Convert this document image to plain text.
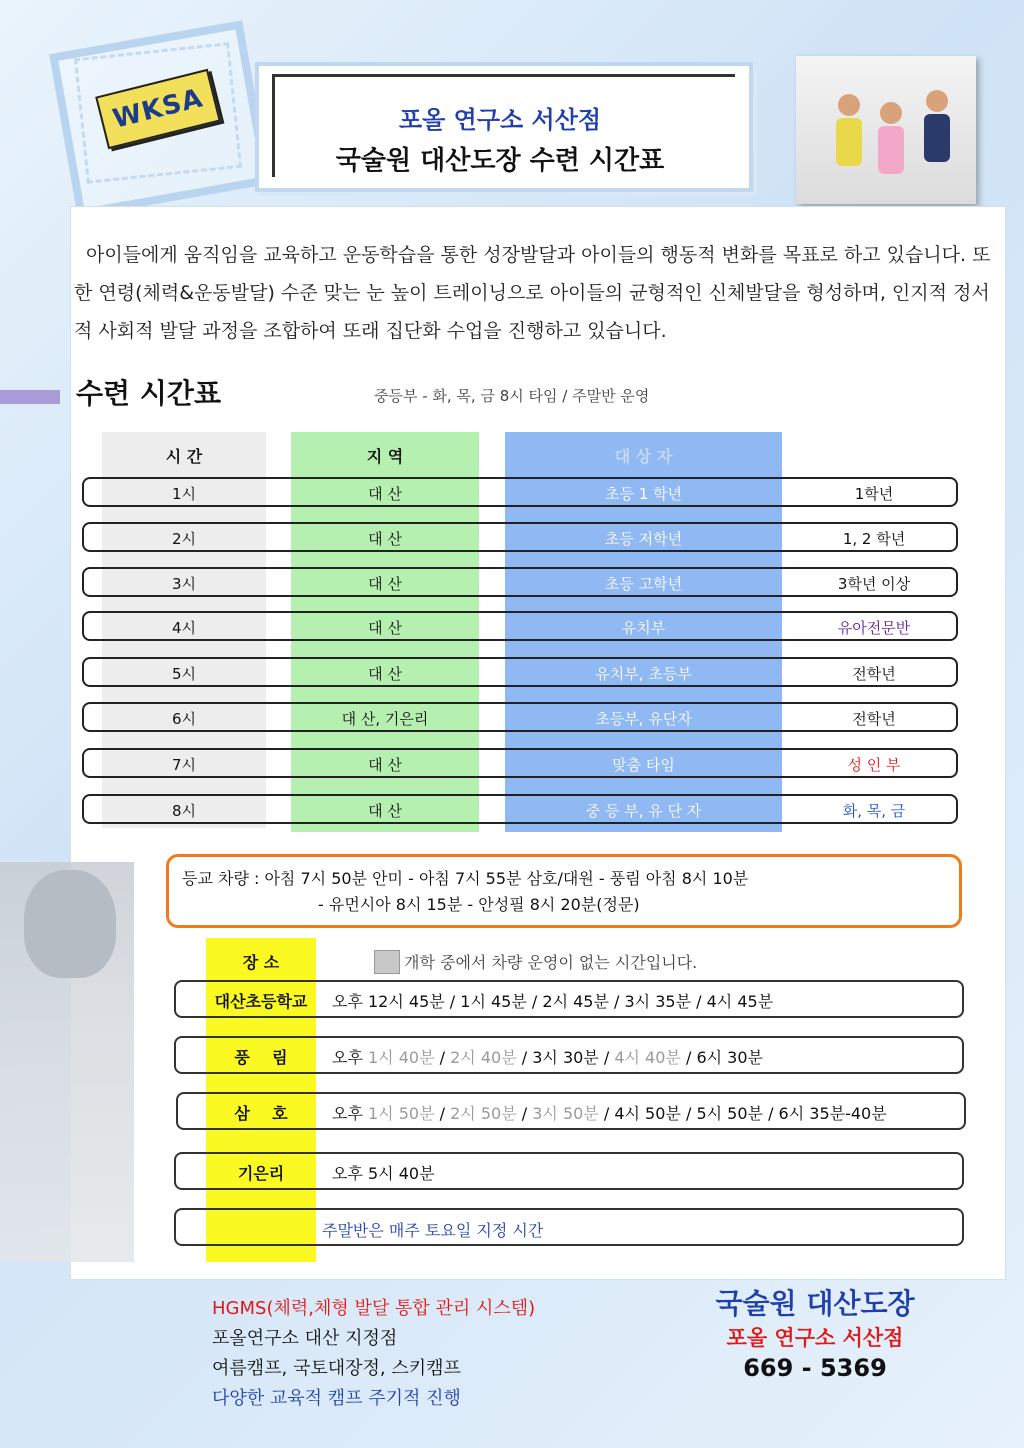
WKSA	포올 연구소 서산점
국술원 대산도장 수련 시간표
아이들에게 움직임을 교육하고 운동학습을 통한 성장발달과 아이들의 행동적 변화를 목표로 하고 있습니다. 또한 연령(체력&운동발달) 수준 맞는 눈 높이 트레이닝으로 아이들의 균형적인 신체발달을 형성하며, 인지적 정서적 사회적 발달 과정을 조합하여 또래 집단화 수업을 진행하고 있습니다.
수련 시간표	중등부 - 화, 목, 금 8시 타임 / 주말반 운영
시 간	지 역	대 상 자
1시	대 산	초등 1 학년	1학년
2시	대 산	초등 저학년	1, 2 학년
3시	대 산	초등 고학년	3학년 이상
4시	대 산	유치부	유아전문반
5시	대 산	유치부, 초등부	전학년
6시	대 산, 기은리	초등부, 유단자	전학년
7시	대 산	맞춤 타임	성 인 부
8시	대 산	중 등 부, 유 단 자	화, 목, 금
등교 차량 : 아침 7시 50분 안미 - 아침 7시 55분 삼호/대원 - 풍림 아침 8시 10분
- 유먼시아 8시 15분 - 안성필 8시 20분(정문)
장 소	개학 중에서 차량 운영이 없는 시간입니다.
대산초등학교	오후 12시 45분 / 1시 45분 / 2시 45분 / 3시 35분 / 4시 45분
풍    림	오후 1시 40분 / 2시 40분 / 3시 30분 / 4시 40분 / 6시 30분
삼    호	오후 1시 50분 / 2시 50분 / 3시 50분 / 4시 50분 / 5시 50분 / 6시 35분-40분
기은리	오후 5시 40분
주말반은 매주 토요일 지정 시간
HGMS(체력,체형 발달 통합 관리 시스템)
포올연구소 대산 지정점
여름캠프, 국토대장정, 스키캠프
다양한 교육적 캠프 주기적 진행
국술원 대산도장
포올 연구소 서산점
669 - 5369
